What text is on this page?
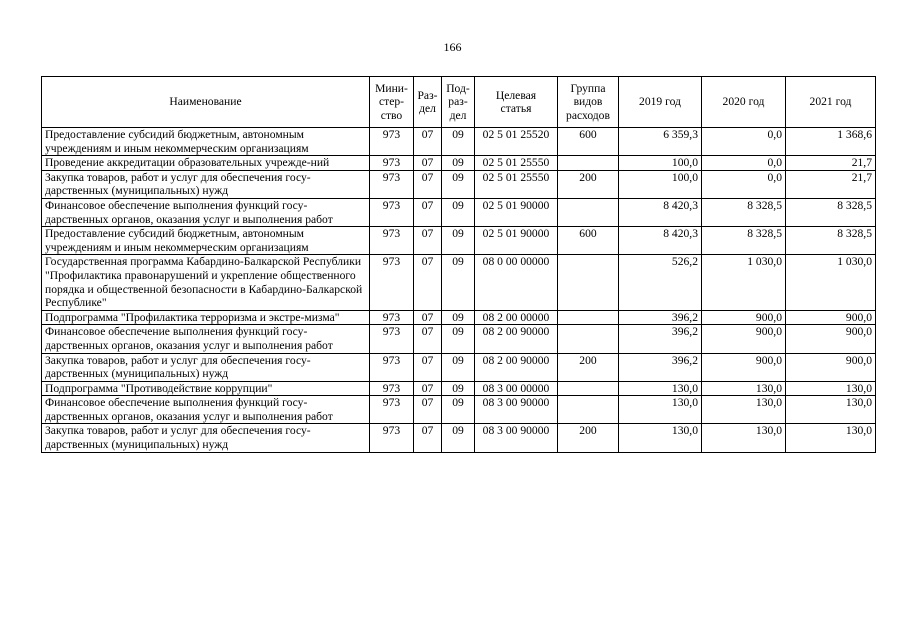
166
Наименование	Мини-
стер-
ство	Раз-
дел	Под-
раз-
дел	Целевая
статья	Группа
видов
расходов	2019 год	2020 год	2021 год
Предоставление субсидий бюджетным, автономным учреждениям и иным некоммерческим организациям	973	07	09	02 5 01 25520	600	6 359,3	0,0	1 368,6
Проведение аккредитации образовательных учрежде-ний	973	07	09	02 5 01 25550		100,0	0,0	21,7
Закупка товаров, работ и услуг для обеспечения госу-дарственных (муниципальных) нужд	973	07	09	02 5 01 25550	200	100,0	0,0	21,7
Финансовое обеспечение выполнения функций госу-дарственных органов, оказания услуг и выполнения работ	973	07	09	02 5 01 90000		8 420,3	8 328,5	8 328,5
Предоставление субсидий бюджетным, автономным учреждениям и иным некоммерческим организациям	973	07	09	02 5 01 90000	600	8 420,3	8 328,5	8 328,5
Государственная программа Кабардино-Балкарской Республики "Профилактика правонарушений и укрепление общественного порядка и общественной безопасности в Кабардино-Балкарской Республике"	973	07	09	08 0 00 00000		526,2	1 030,0	1 030,0
Подпрограмма "Профилактика терроризма и экстре-мизма"	973	07	09	08 2 00 00000		396,2	900,0	900,0
Финансовое обеспечение выполнения функций госу-дарственных органов, оказания услуг и выполнения работ	973	07	09	08 2 00 90000		396,2	900,0	900,0
Закупка товаров, работ и услуг для обеспечения госу-дарственных (муниципальных) нужд	973	07	09	08 2 00 90000	200	396,2	900,0	900,0
Подпрограмма "Противодействие коррупции"	973	07	09	08 3 00 00000		130,0	130,0	130,0
Финансовое обеспечение выполнения функций госу-дарственных органов, оказания услуг и выполнения работ	973	07	09	08 3 00 90000		130,0	130,0	130,0
Закупка товаров, работ и услуг для обеспечения госу-дарственных (муниципальных) нужд	973	07	09	08 3 00 90000	200	130,0	130,0	130,0
